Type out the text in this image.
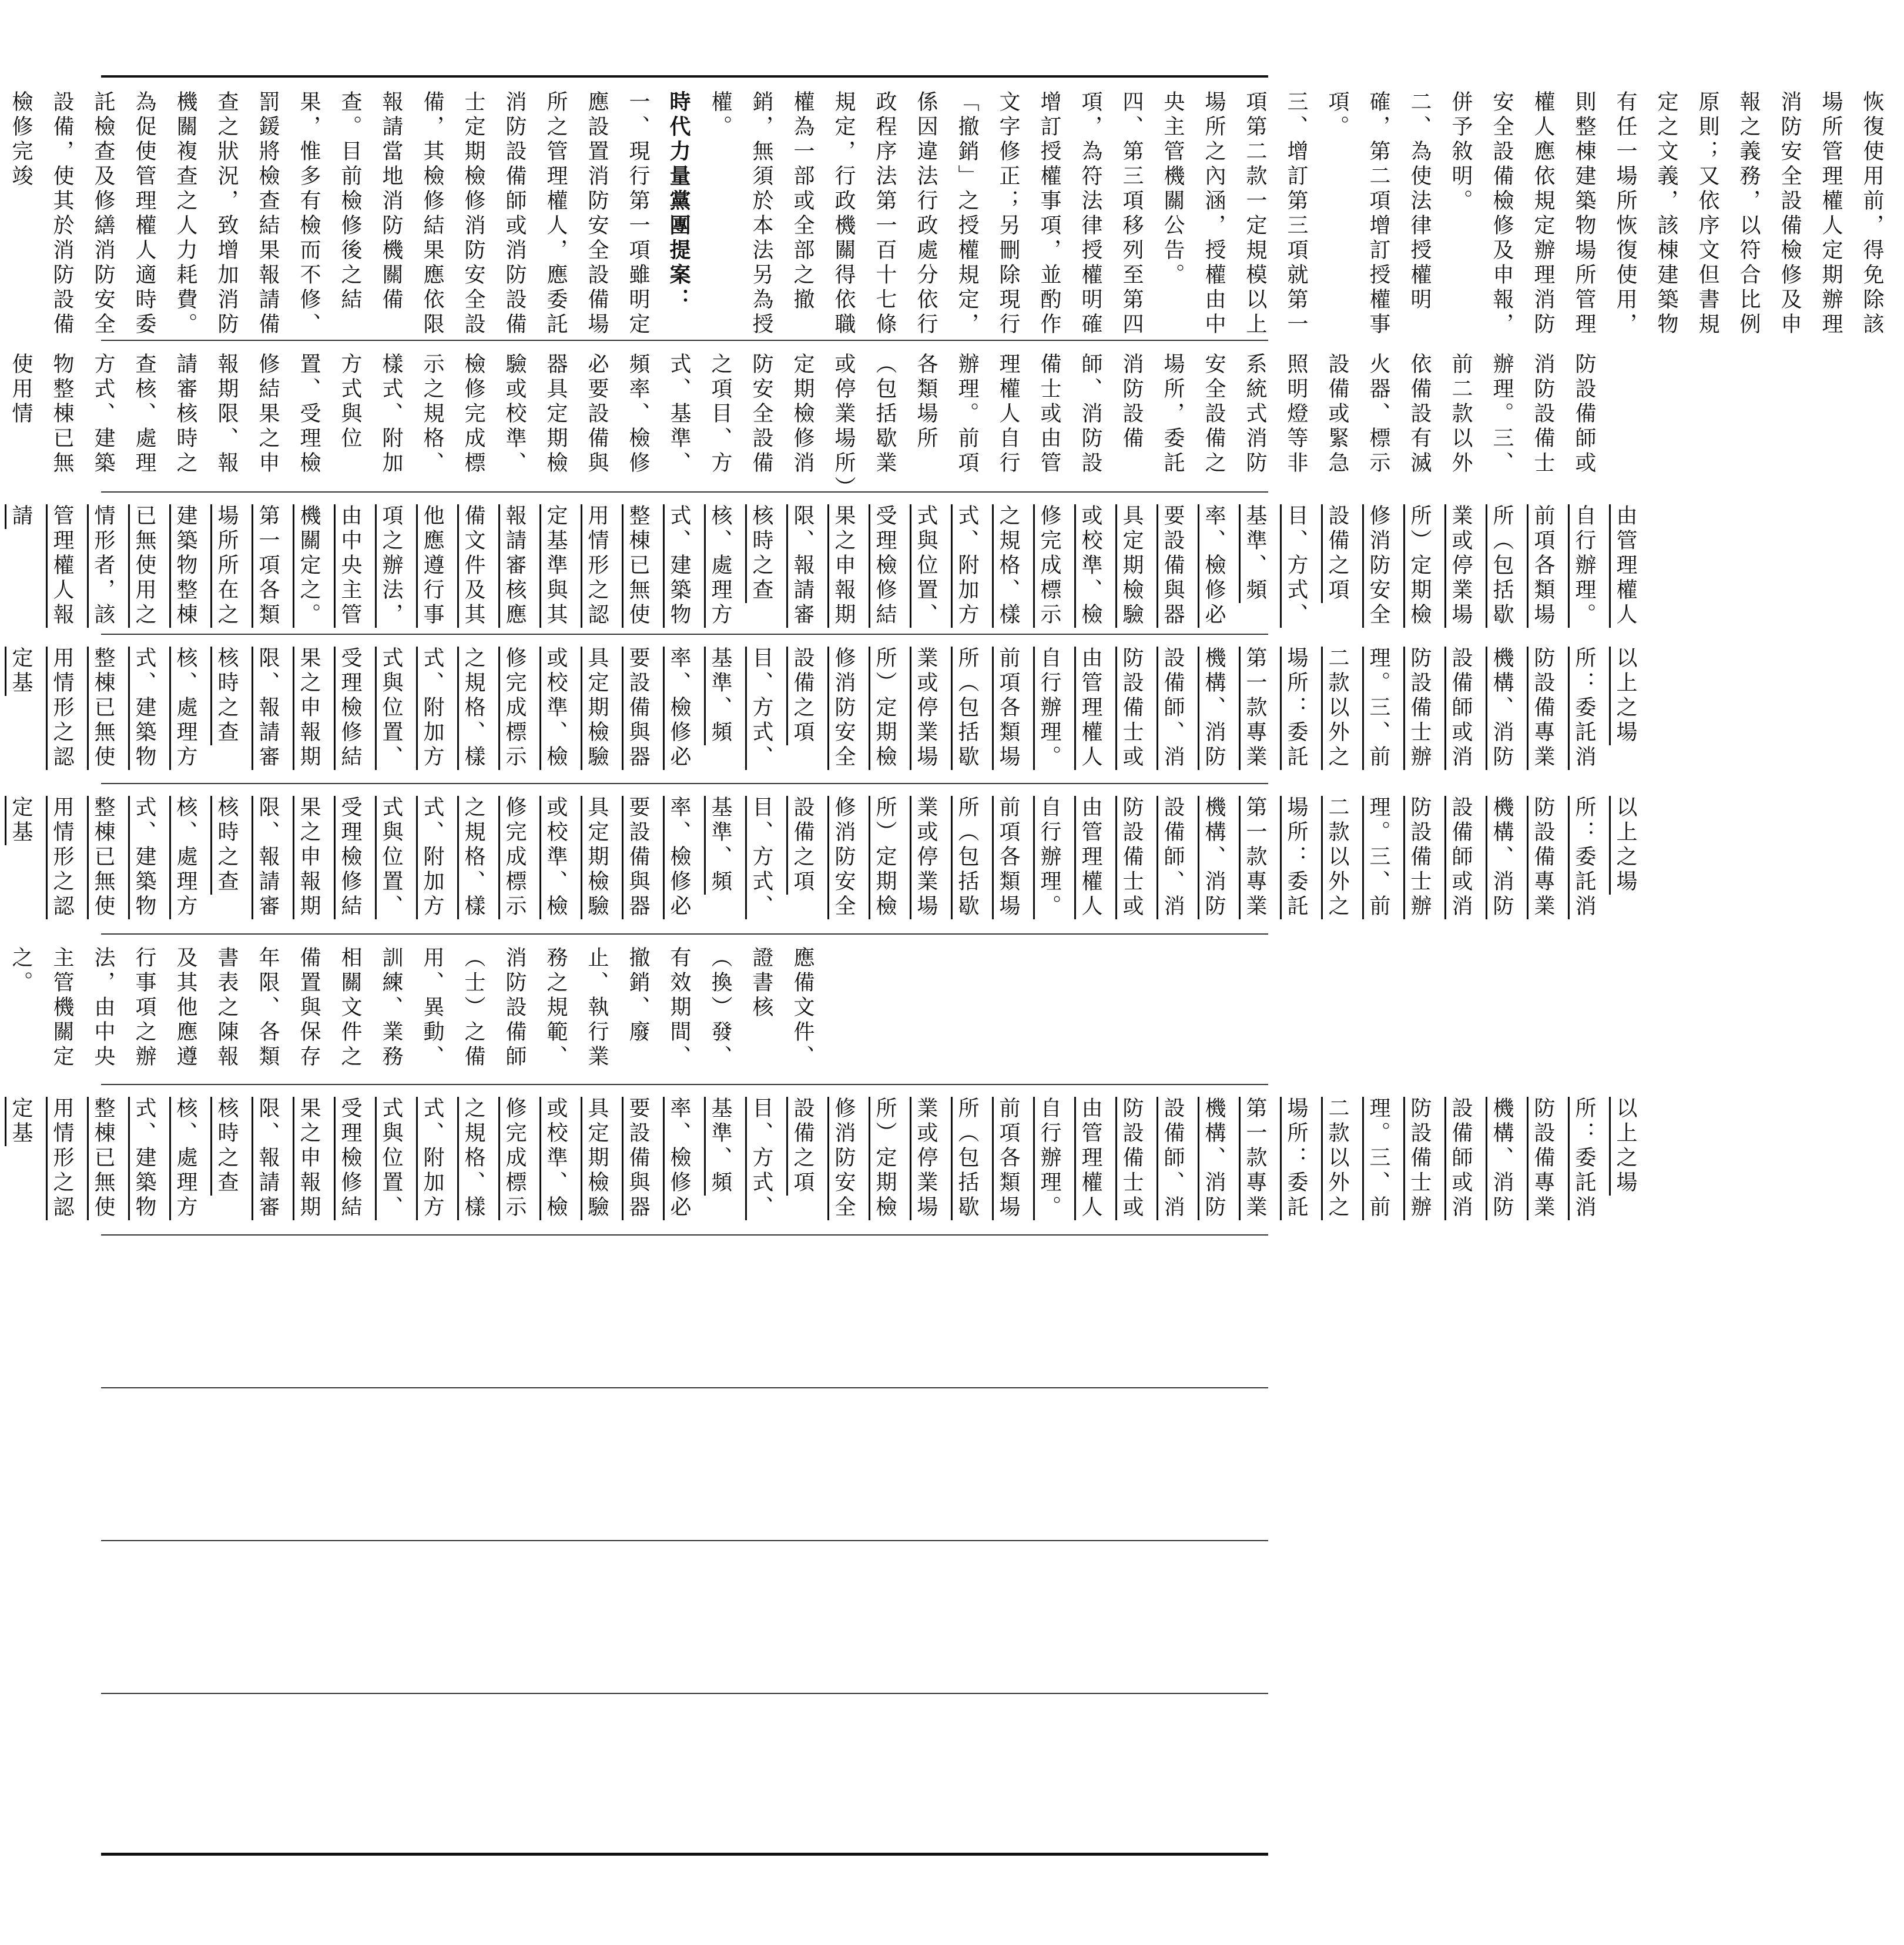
恢復使用前，得免除該場所管理權人定期辦理消防安全設備檢修及申報之義務，以符合比例原則；又依序文但書規定之文義，該棟建築物有任一場所恢復使用，則整棟建築物場所管理權人應依規定辦理消防安全設備檢修及申報，併予敘明。

二、為使法律授權明確，第二項增訂授權事項。

三、增訂第三項就第一項第二款一定規模以上場所之內涵，授權由中央主管機關公告。

四、第三項移列至第四項，為符法律授權明確增訂授權事項，並酌作文字修正；另刪除現行「撤銷」之授權規定，係因違法行政處分依行政程序法第一百十七條規定，行政機關得依職權為一部或全部之撤銷，無須於本法另為授權。

時代力量黨團提案：

一、現行第一項雖明定應設置消防安全設備場所之管理權人，應委託消防設備師或消防設備士定期檢修消防安全設備，其檢修結果應依限報請當地消防機關備查。目前檢修後之結果，惟多有檢而不修、罰鍰將檢查結果報請備查之狀況，致增加消防機關複查之人力耗費。為促使管理權人適時委託檢查及修繕消防安全設備，使其於消防設備檢修完竣

防設備師或消防設備士辦理。三、前二款以外依備設有滅火器、標示設備或緊急照明燈等非系統式消防安全設備之場所，委託消防設備師、消防設備士或由管理權人自行辦理。前項各類場所（包括歇業或停業場所）定期檢修消防安全設備之項目、方式、基準、頻率、檢修必要設備與器具定期檢驗或校準、檢修完成標示之規格、樣式、附加方式與位置、受理檢修結果之申報期限、報請審核時之查核、處理方式、建築物整棟已無使用情
由管理權人自行辦理。前項各類場所（包括歇業或停業場所）定期檢修消防安全設備之項目、方式、基準、頻率、檢修必要設備與器具定期檢驗或校準、檢修完成標示之規格、樣式、附加方式與位置、受理檢修結果之申報期限、報請審核時之查核、處理方式、建築物整棟已無使用情形之認定基準與其報請審核應備文件及其他應遵行事項之辦法，由中央主管機關定之。第一項各類場所所在之建築物整棟已無使用之情形者，該管理權人報請
以上之場所：委託消防設備專業機構、消防設備師或消防設備士辦理。三、前二款以外之場所：委託第一款專業機構、消防設備師、消防設備士或由管理權人自行辦理。前項各類場所（包括歇業或停業場所）定期檢修消防安全設備之項目、方式、基準、頻率、檢修必要設備與器具定期檢驗或校準、檢修完成標示之規格、樣式、附加方式與位置、受理檢修結果之申報期限、報請審核時之查核、處理方式、建築物整棟已無使用情形之認定基
以上之場所：委託消防設備專業機構、消防設備師或消防設備士辦理。三、前二款以外之場所：委託第一款專業機構、消防設備師、消防設備士或由管理權人自行辦理。前項各類場所（包括歇業或停業場所）定期檢修消防安全設備之項目、方式、基準、頻率、檢修必要設備與器具定期檢驗或校準、檢修完成標示之規格、樣式、附加方式與位置、受理檢修結果之申報期限、報請審核時之查核、處理方式、建築物整棟已無使用情形之認定基
應備文件、證書核（換）發、有效期間、撤銷、廢止、執行業務之規範、消防設備師（士）之備用、異動、訓練、業務相關文件之備置與保存年限、各類書表之陳報及其他應遵行事項之辦法，由中央主管機關定之。
以上之場所：委託消防設備專業機構、消防設備師或消防設備士辦理。三、前二款以外之場所：委託第一款專業機構、消防設備師、消防設備士或由管理權人自行辦理。前項各類場所（包括歇業或停業場所）定期檢修消防安全設備之項目、方式、基準、頻率、檢修必要設備與器具定期檢驗或校準、檢修完成標示之規格、樣式、附加方式與位置、受理檢修結果之申報期限、報請審核時之查核、處理方式、建築物整棟已無使用情形之認定基
